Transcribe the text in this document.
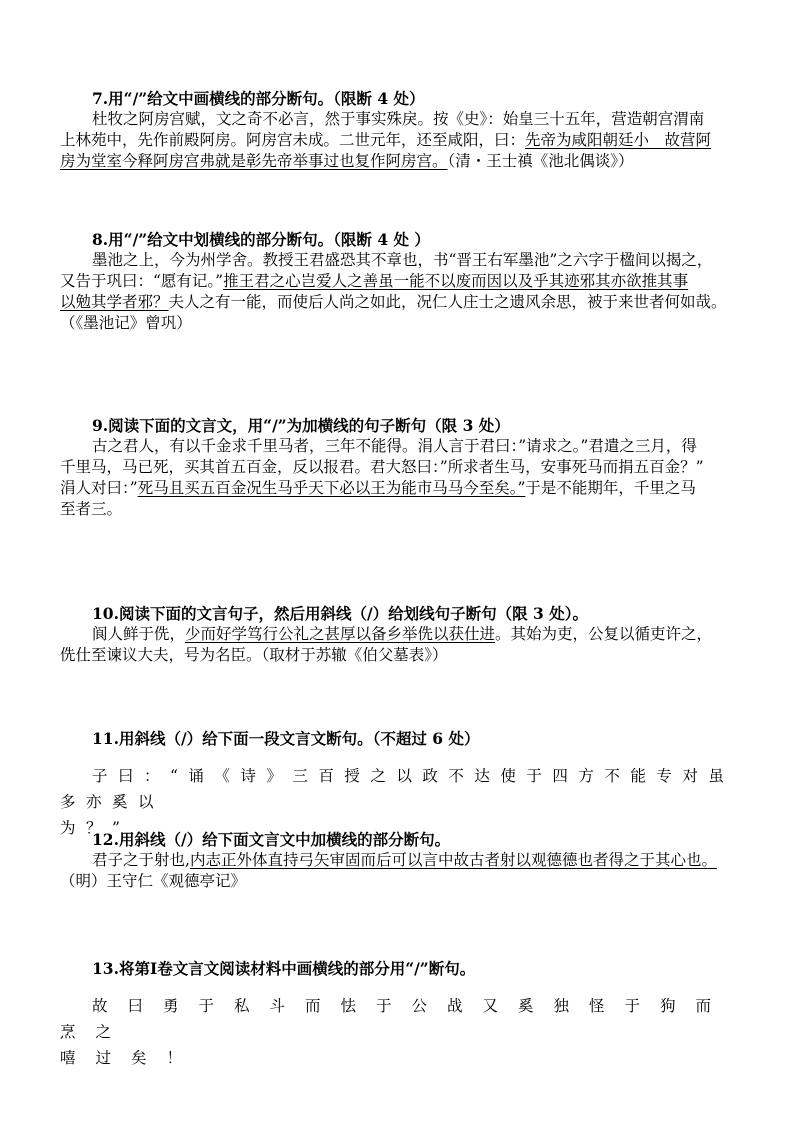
7.用“/”给文中画横线的部分断句。（限断 4 处）

杜牧之阿房宫赋，文之奇不必言，然于事实殊戾。按《史》：始皇三十五年，营造朝宫渭南

上林苑中，先作前殿阿房。阿房宫未成。二世元年，还至咸阳，曰：先帝为咸阳朝廷小　故营阿

房为堂室今释阿房宫弗就是彰先帝举事过也复作阿房宫。（清・王士禛《池北偶谈》）

8.用“/”给文中划横线的部分断句。（限断 4 处 ）

墨池之上，今为州学舍。教授王君盛恐其不章也，书“晋王右军墨池”之六字于楹间以揭之，

又告于巩曰：“愿有记。”推王君之心岂爱人之善虽一能不以废而因以及乎其迹邪其亦欲推其事

以勉其学者邪？夫人之有一能，而使后人尚之如此，况仁人庄士之遗风余思，被于来世者何如哉。

（《墨池记》曾巩）

9.阅读下面的文言文，用“/”为加横线的句子断句（限 3 处）

古之君人，有以千金求千里马者，三年不能得。涓人言于君曰：”请求之。”君遣之三月，得

千里马，马已死，买其首五百金，反以报君。君大怒曰：”所求者生马，安事死马而捐五百金？”

涓人对曰：”死马且买五百金况生马乎天下必以王为能市马马今至矣。”于是不能期年，千里之马

至者三。

10.阅读下面的文言句子，然后用斜线（/）给划线句子断句（限 3 处）。

阆人鲜于侁，少而好学笃行公礼之甚厚以备乡举侁以获仕进。其始为吏，公复以循吏许之，

侁仕至谏议大夫，号为名臣。（取材于苏辙《伯父墓表》）

11.用斜线（/）给下面一段文言文断句。（不超过 6 处）

子曰：“诵《诗》三百授之以政不达使于四方不能专对虽多亦奚以

为？”

12.用斜线（/）给下面文言文中加横线的部分断句。

君子之于射也,内志正外体直持弓矢审固而后可以言中故古者射以观德德也者得之于其心也。

（明）王守仁《观德亭记》

13.将第Ⅰ卷文言文阅读材料中画横线的部分用“/”断句。

故曰勇于私斗而怯于公战又奚独怪于狗而烹之

嘻过矣！
